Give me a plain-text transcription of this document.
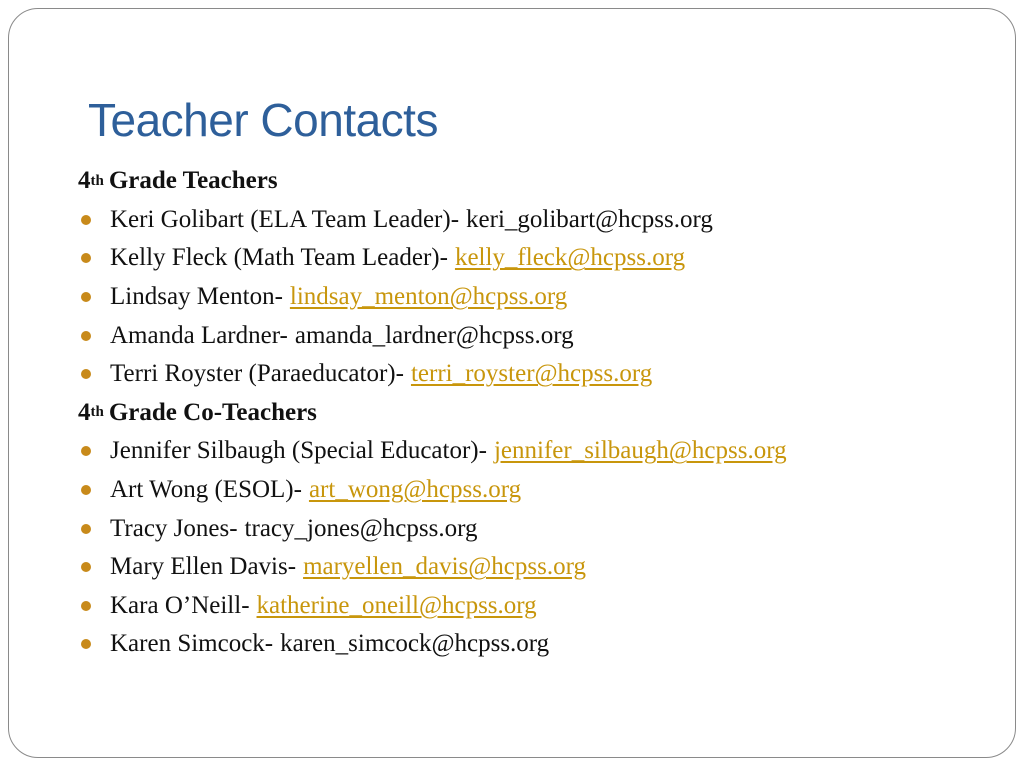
Teacher Contacts
4 th Grade Teachers
Keri Golibart (ELA Team Leader)- keri_golibart@hcpss.org
Kelly Fleck (Math Team Leader)- kelly_fleck@hcpss.org
Lindsay Menton- lindsay_menton@hcpss.org
Amanda Lardner- amanda_lardner@hcpss.org
Terri Royster (Paraeducator)- terri_royster@hcpss.org
4 th Grade Co-Teachers
Jennifer Silbaugh (Special Educator)- jennifer_silbaugh@hcpss.org
Art Wong (ESOL)- art_wong@hcpss.org
Tracy Jones- tracy_jones@hcpss.org
Mary Ellen Davis- maryellen_davis@hcpss.org
Kara O’Neill- katherine_oneill@hcpss.org
Karen Simcock- karen_simcock@hcpss.org
